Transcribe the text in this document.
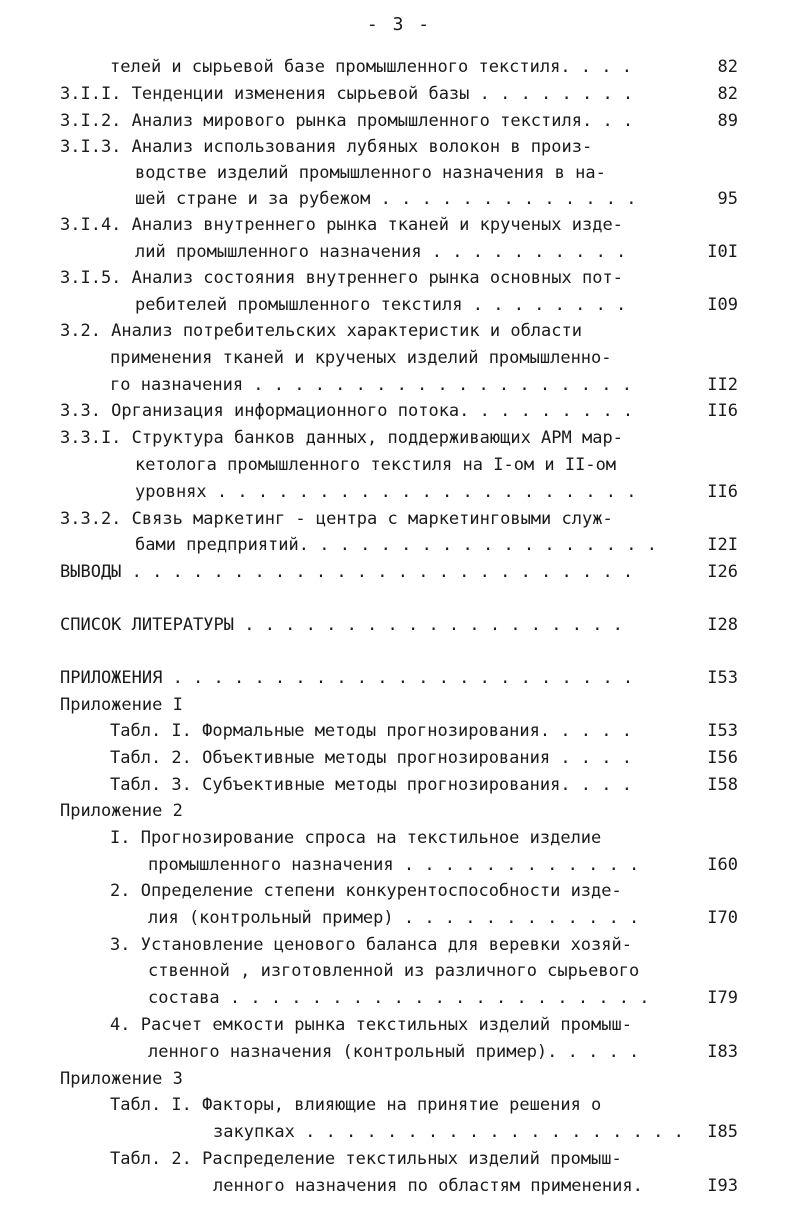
- 3 -
телей и сырьевой базе промышленного текстиля. . . .	82
3.I.I. Тенденции изменения сырьевой базы . . . . . . . .	82
3.I.2. Анализ мирового рынка промышленного текстиля. . .	89
3.I.3. Анализ использования лубяных волокон в произ-
водстве изделий промышленного назначения в на-
шей стране и за рубежом . . . . . . . . . . . . .	95
3.I.4. Анализ внутреннего рынка тканей и крученых изде-
лий промышленного назначения . . . . . . . . . .	I0I
3.I.5. Анализ состояния внутреннего рынка основных пот-
ребителей промышленного текстиля . . . . . . . .	I09
3.2. Анализ потребительских характеристик и области
применения тканей и крученых изделий промышленно-
го назначения . . . . . . . . . . . . . . . . . . .	II2
3.3. Организация информационного потока. . . . . . . . .	II6
3.3.I. Структура банков данных, поддерживающих АРМ мар-
кетолога промышленного текстиля на I-ом и II-ом
уровнях . . . . . . . . . . . . . . . . . . . . .	II6
3.3.2. Связь маркетинг - центра с маркетинговыми служ-
бами предприятий. . . . . . . . . . . . . . . . . .	I2I
ВЫВОДЫ . . . . . . . . . . . . . . . . . . . . . . . . .	I26
СПИСОК ЛИТЕРАТУРЫ . . . . . . . . . . . . . . . . . . .	I28
ПРИЛОЖЕНИЯ . . . . . . . . . . . . . . . . . . . . . . .	I53
Приложение I
Табл. I. Формальные методы прогнозирования. . . . .	I53
Табл. 2. Объективные методы прогнозирования . . . .	I56
Табл. 3. Субъективные методы прогнозирования. . . .	I58
Приложение 2
I. Прогнозирование спроса на текстильное изделие
промышленного назначения . . . . . . . . . . . .	I60
2. Определение степени конкурентоспособности изде-
лия (контрольный пример) . . . . . . . . . . . .	I70
3. Установление ценового баланса для веревки хозяй-
ственной , изготовленной из различного сырьевого
состава . . . . . . . . . . . . . . . . . . . . .	I79
4. Расчет емкости рынка текстильных изделий промыш-
ленного назначения (контрольный пример). . . . .	I83
Приложение 3
Табл. I. Факторы, влияющие на принятие решения о
закупках . . . . . . . . . . . . . . . . . . . I85
Табл. 2. Распределение текстильных изделий промыш-
ленного назначения по областям применения.	I93
